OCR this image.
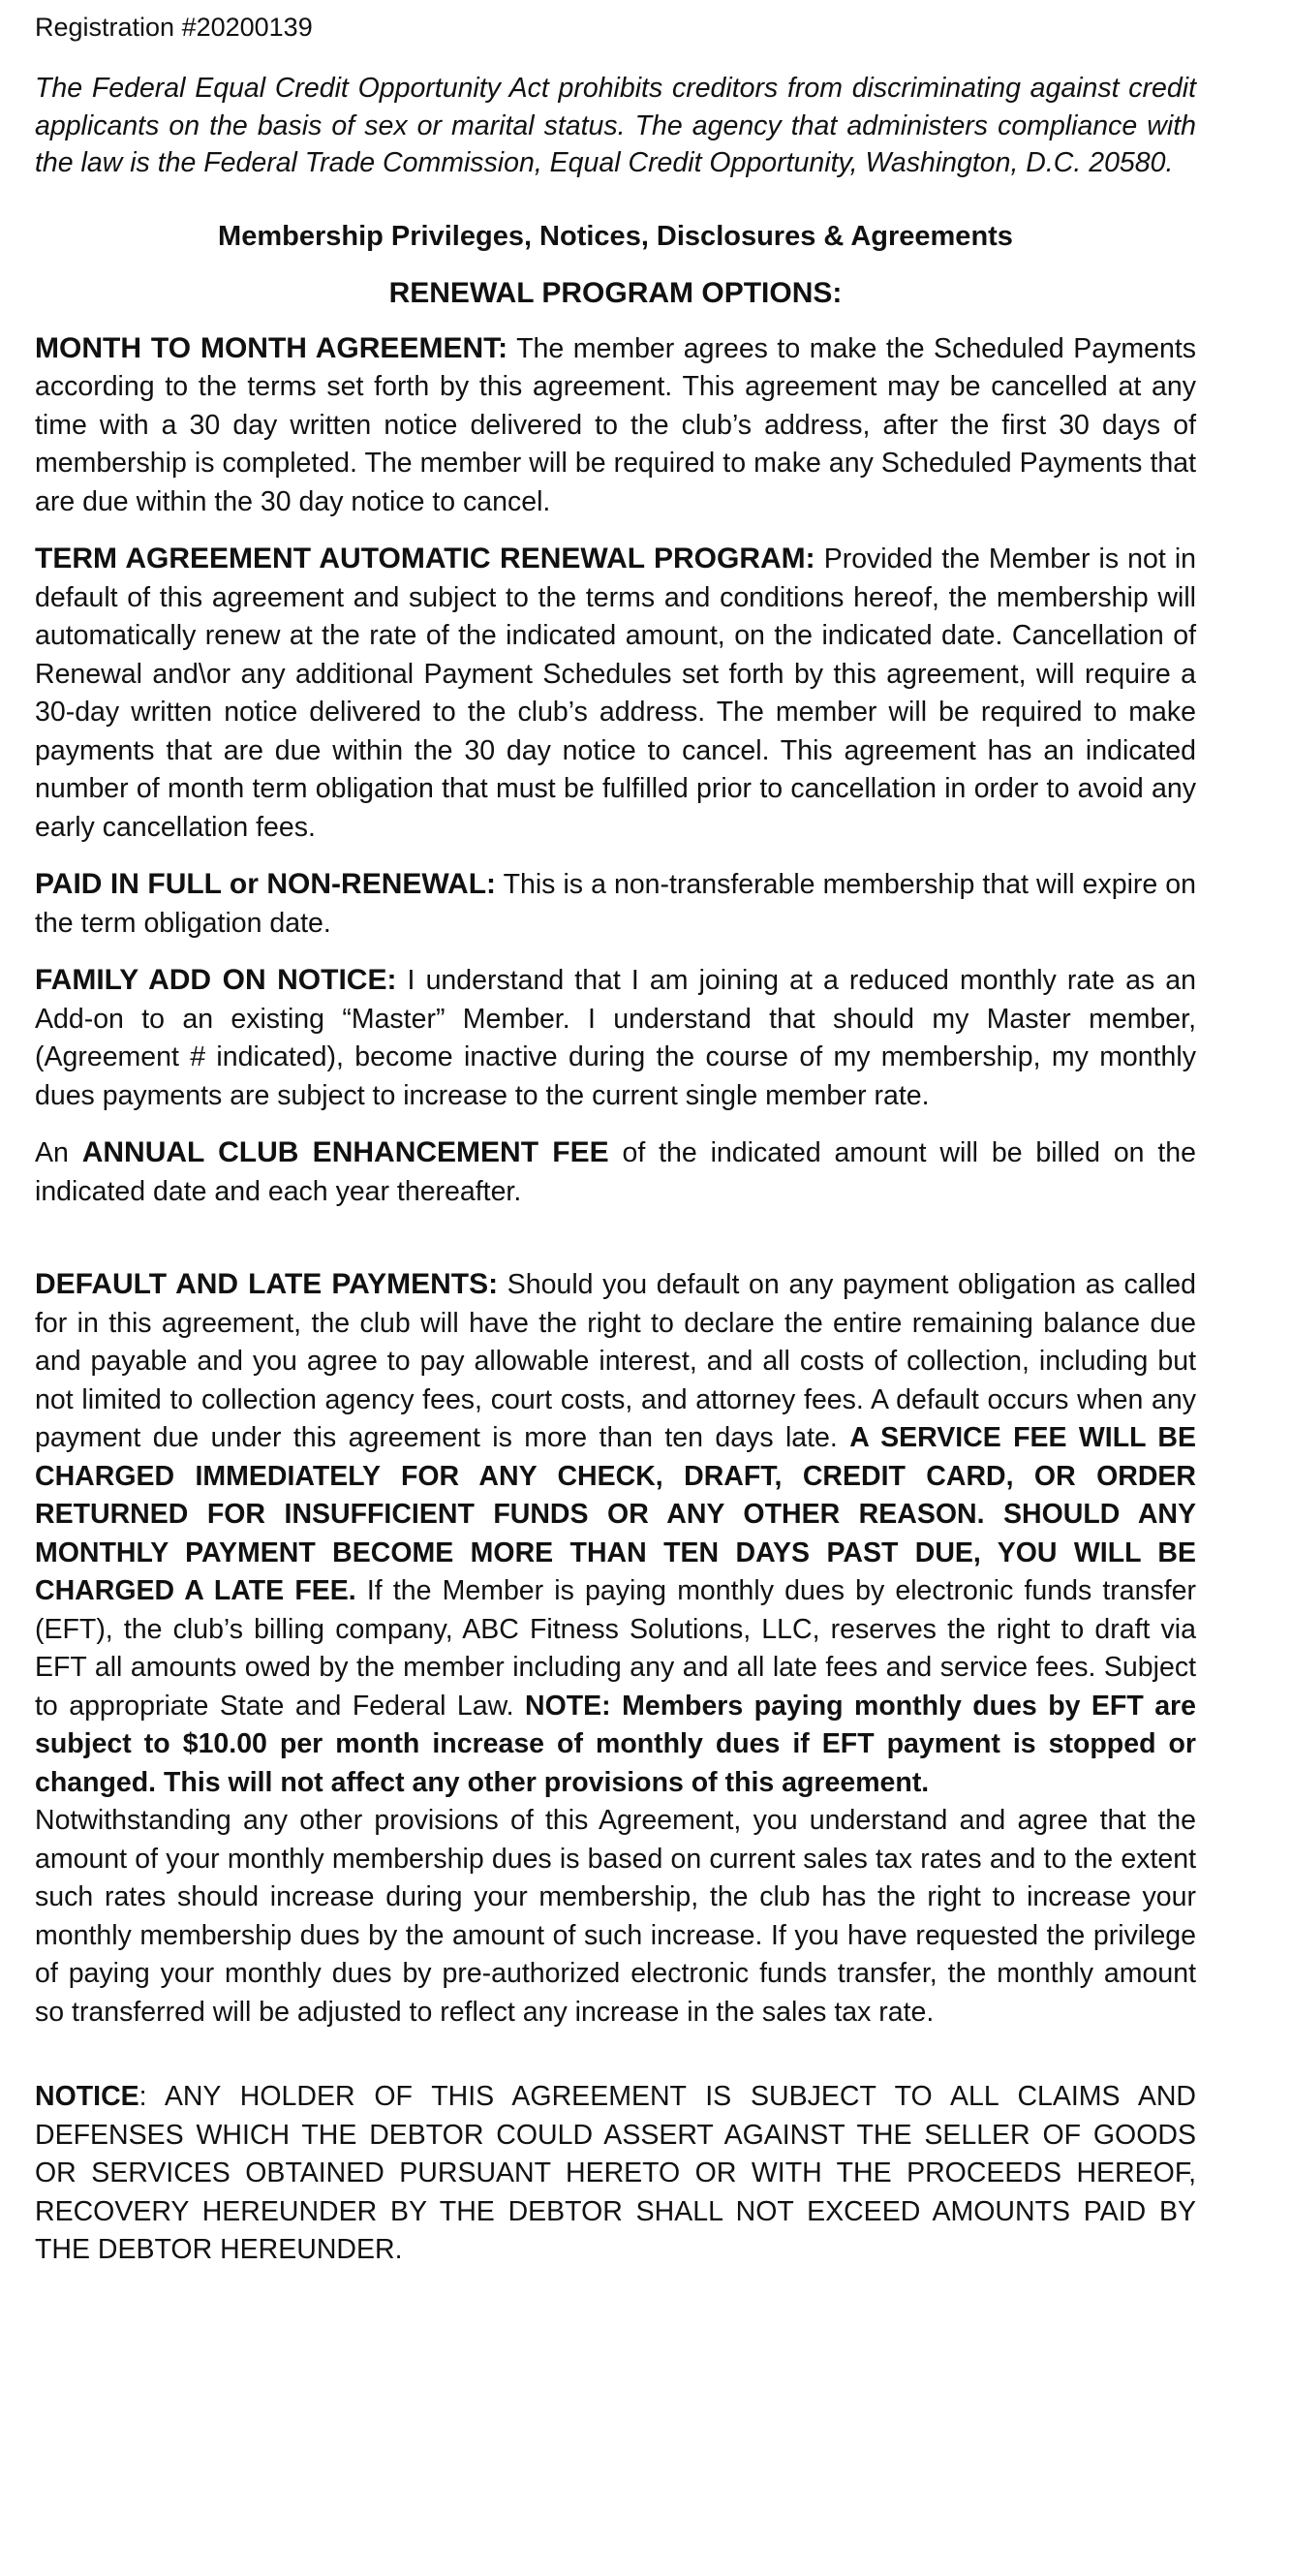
Registration #20200139

The Federal Equal Credit Opportunity Act prohibits creditors from discriminating against credit applicants on the basis of sex or marital status. The agency that administers compliance with the law is the Federal Trade Commission, Equal Credit Opportunity, Washington, D.C. 20580.

Membership Privileges, Notices, Disclosures & Agreements
RENEWAL PROGRAM OPTIONS:

MONTH TO MONTH AGREEMENT: The member agrees to make the Scheduled Payments according to the terms set forth by this agreement. This agreement may be cancelled at any time with a 30 day written notice delivered to the club’s address, after the first 30 days of membership is completed. The member will be required to make any Scheduled Payments that are due within the 30 day notice to cancel.

TERM AGREEMENT AUTOMATIC RENEWAL PROGRAM: Provided the Member is not in default of this agreement and subject to the terms and conditions hereof, the membership will automatically renew at the rate of the indicated amount, on the indicated date. Cancellation of Renewal and\or any additional Payment Schedules set forth by this agreement, will require a 30-day written notice delivered to the club’s address. The member will be required to make payments that are due within the 30 day notice to cancel. This agreement has an indicated number of month term obligation that must be fulfilled prior to cancellation in order to avoid any early cancellation fees.

PAID IN FULL or NON-RENEWAL: This is a non-transferable membership that will expire on the term obligation date.

FAMILY ADD ON NOTICE: I understand that I am joining at a reduced monthly rate as an Add-on to an existing “Master” Member. I understand that should my Master member, (Agreement # indicated), become inactive during the course of my membership, my monthly dues payments are subject to increase to the current single member rate.

An ANNUAL CLUB ENHANCEMENT FEE of the indicated amount will be billed on the indicated date and each year thereafter.

DEFAULT AND LATE PAYMENTS: Should you default on any payment obligation as called for in this agreement, the club will have the right to declare the entire remaining balance due and payable and you agree to pay allowable interest, and all costs of collection, including but not limited to collection agency fees, court costs, and attorney fees. A default occurs when any payment due under this agreement is more than ten days late. A SERVICE FEE WILL BE CHARGED IMMEDIATELY FOR ANY CHECK, DRAFT, CREDIT CARD, OR ORDER RETURNED FOR INSUFFICIENT FUNDS OR ANY OTHER REASON. SHOULD ANY MONTHLY PAYMENT BECOME MORE THAN TEN DAYS PAST DUE, YOU WILL BE CHARGED A LATE FEE. If the Member is paying monthly dues by electronic funds transfer (EFT), the club’s billing company, ABC Fitness Solutions, LLC, reserves the right to draft via EFT all amounts owed by the member including any and all late fees and service fees. Subject to appropriate State and Federal Law. NOTE: Members paying monthly dues by EFT are subject to $10.00 per month increase of monthly dues if EFT payment is stopped or changed. This will not affect any other provisions of this agreement.

Notwithstanding any other provisions of this Agreement, you understand and agree that the amount of your monthly membership dues is based on current sales tax rates and to the extent such rates should increase during your membership, the club has the right to increase your monthly membership dues by the amount of such increase. If you have requested the privilege of paying your monthly dues by pre-authorized electronic funds transfer, the monthly amount so transferred will be adjusted to reflect any increase in the sales tax rate.

NOTICE: ANY HOLDER OF THIS AGREEMENT IS SUBJECT TO ALL CLAIMS AND DEFENSES WHICH THE DEBTOR COULD ASSERT AGAINST THE SELLER OF GOODS OR SERVICES OBTAINED PURSUANT HERETO OR WITH THE PROCEEDS HEREOF, RECOVERY HEREUNDER BY THE DEBTOR SHALL NOT EXCEED AMOUNTS PAID BY THE DEBTOR HEREUNDER.
